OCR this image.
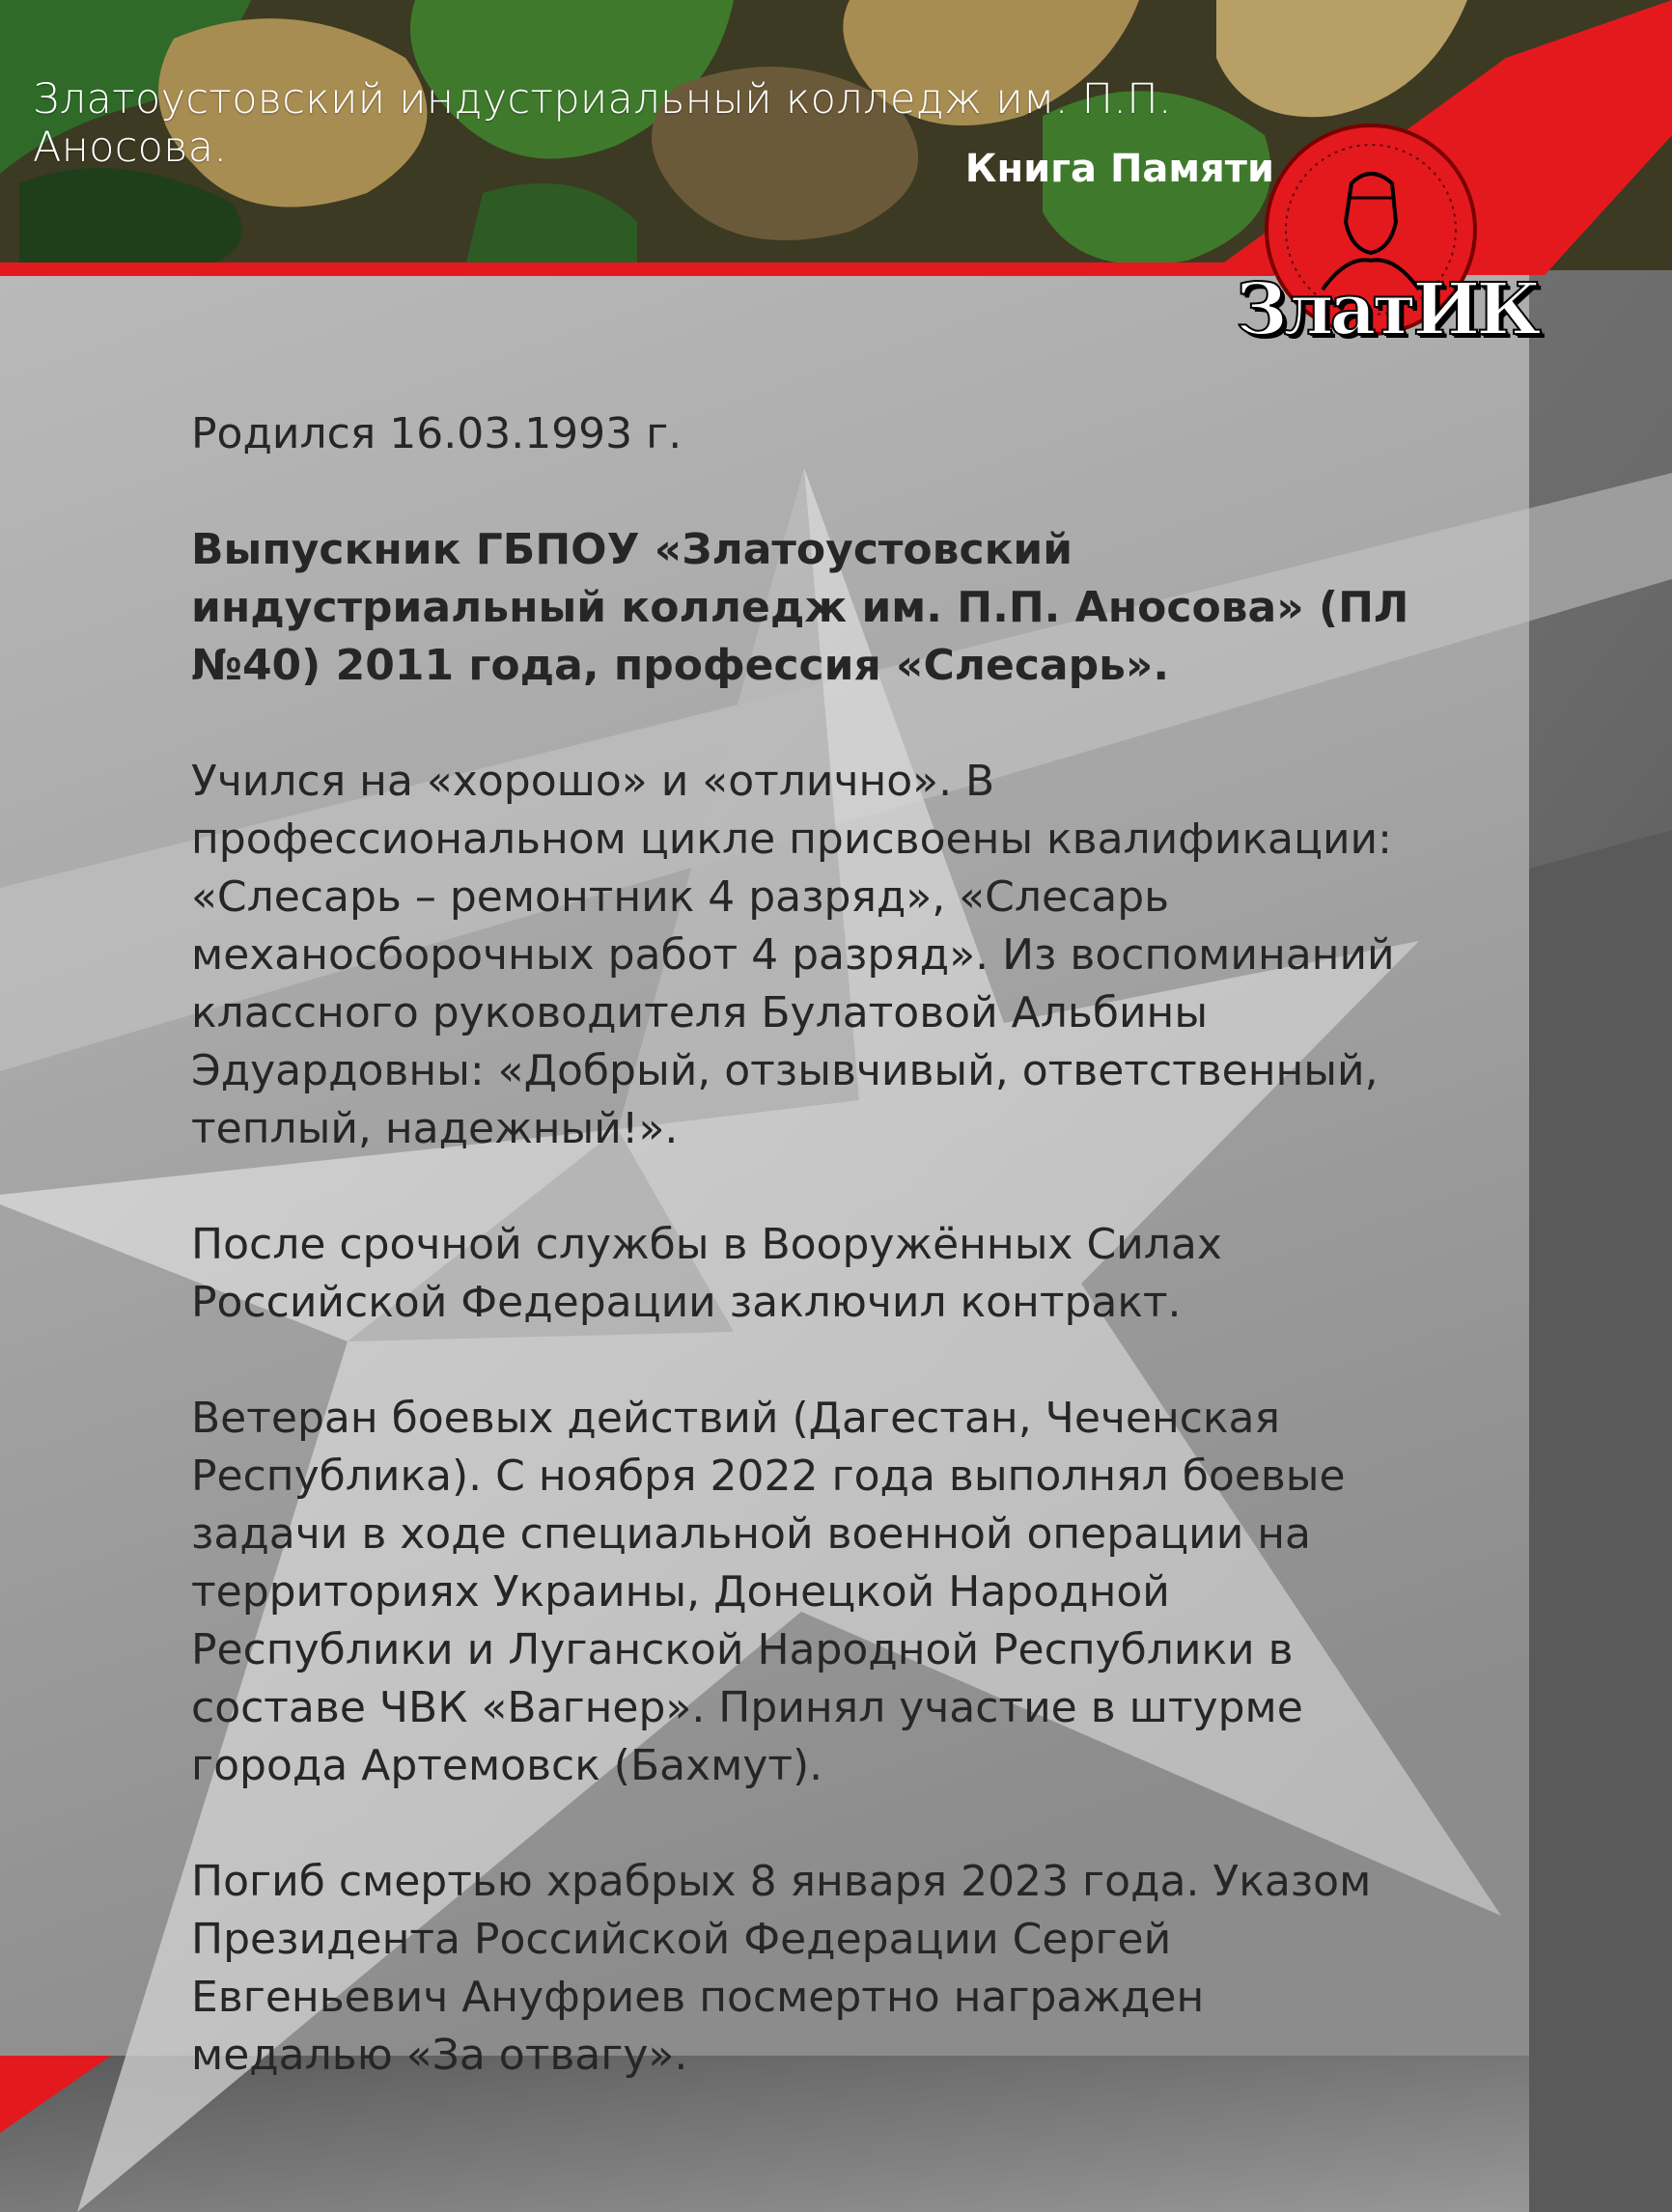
Златоустовский индустриальный колледж им. П.П. Аносова.	Книга Памяти
ЗлатИК

Родился 16.03.1993 г.

Выпускник ГБПОУ «Златоустовский индустриальный колледж им. П.П. Аносова» (ПЛ №40) 2011 года, профессия «Слесарь».

Учился на «хорошо» и «отлично». В профессиональном цикле присвоены квалификации: «Слесарь – ремонтник 4 разряд», «Слесарь механосборочных работ 4 разряд». Из воспоминаний классного руководителя Булатовой Альбины Эдуардовны: «Добрый, отзывчивый, ответственный, теплый, надежный!».

После срочной службы в Вооружённых Силах Российской Федерации заключил контракт.

Ветеран боевых действий (Дагестан, Чеченская Республика). С ноября 2022 года выполнял боевые задачи в ходе специальной военной операции на территориях Украины, Донецкой Народной Республики и Луганской Народной Республики в составе ЧВК «Вагнер». Принял участие в штурме города Артемовск (Бахмут).

Погиб смертью храбрых 8 января 2023 года. Указом Президента Российской Федерации Сергей Евгеньевич Ануфриев посмертно награжден медалью «За отвагу».
